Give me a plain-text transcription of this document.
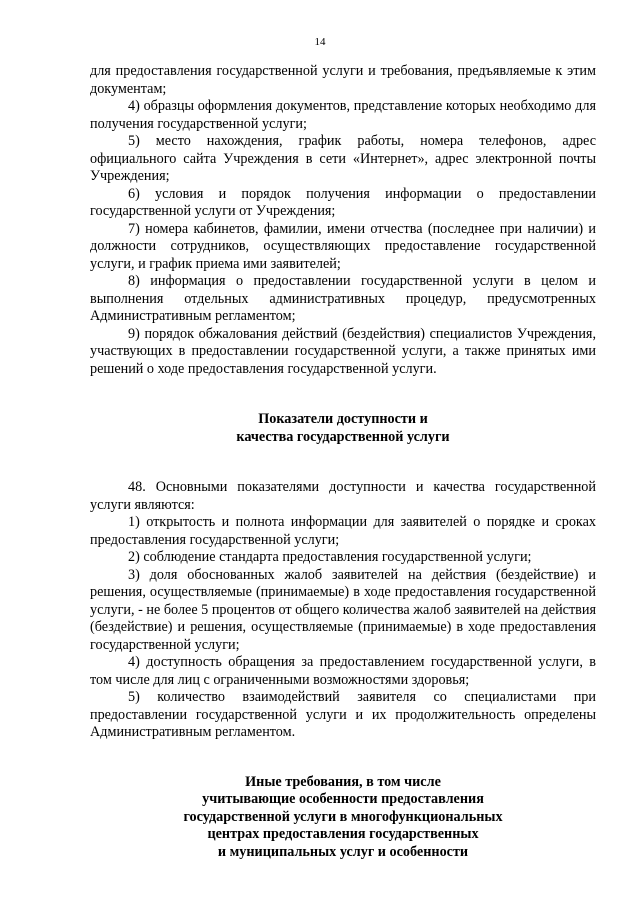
14

для предоставления государственной услуги и требования, предъявляемые к этим документам;

4) образцы оформления документов, представление которых необходимо для получения государственной услуги;

5) место нахождения, график работы, номера телефонов, адрес официального сайта Учреждения в сети «Интернет», адрес электронной почты Учреждения;

6) условия и порядок получения информации о предоставлении государственной услуги от Учреждения;

7) номера кабинетов, фамилии, имени отчества (последнее при наличии) и должности сотрудников, осуществляющих предоставление государственной услуги, и график приема ими заявителей;

8) информация о предоставлении государственной услуги в целом и выполнения отдельных административных процедур, предусмотренных Административным регламентом;

9) порядок обжалования действий (бездействия) специалистов Учреждения, участвующих в предоставлении государственной услуги, а также принятых ими решений о ходе предоставления государственной услуги.

Показатели доступности и
качества государственной услуги

48. Основными показателями доступности и качества государственной услуги являются:

1) открытость и полнота информации для заявителей о порядке и сроках предоставления государственной услуги;

2) соблюдение стандарта предоставления государственной услуги;

3) доля обоснованных жалоб заявителей на действия (бездействие) и решения, осуществляемые (принимаемые) в ходе предоставления государственной услуги, - не более 5 процентов от общего количества жалоб заявителей на действия (бездействие) и решения, осуществляемые (принимаемые) в ходе предоставления государственной услуги;

4) доступность обращения за предоставлением государственной услуги, в том числе для лиц с ограниченными возможностями здоровья;

5) количество взаимодействий заявителя со специалистами при предоставлении государственной услуги и их продолжительность определены Административным регламентом.

Иные требования, в том числе
учитывающие особенности предоставления
государственной услуги в многофункциональных
центрах предоставления государственных
и муниципальных услуг и особенности
